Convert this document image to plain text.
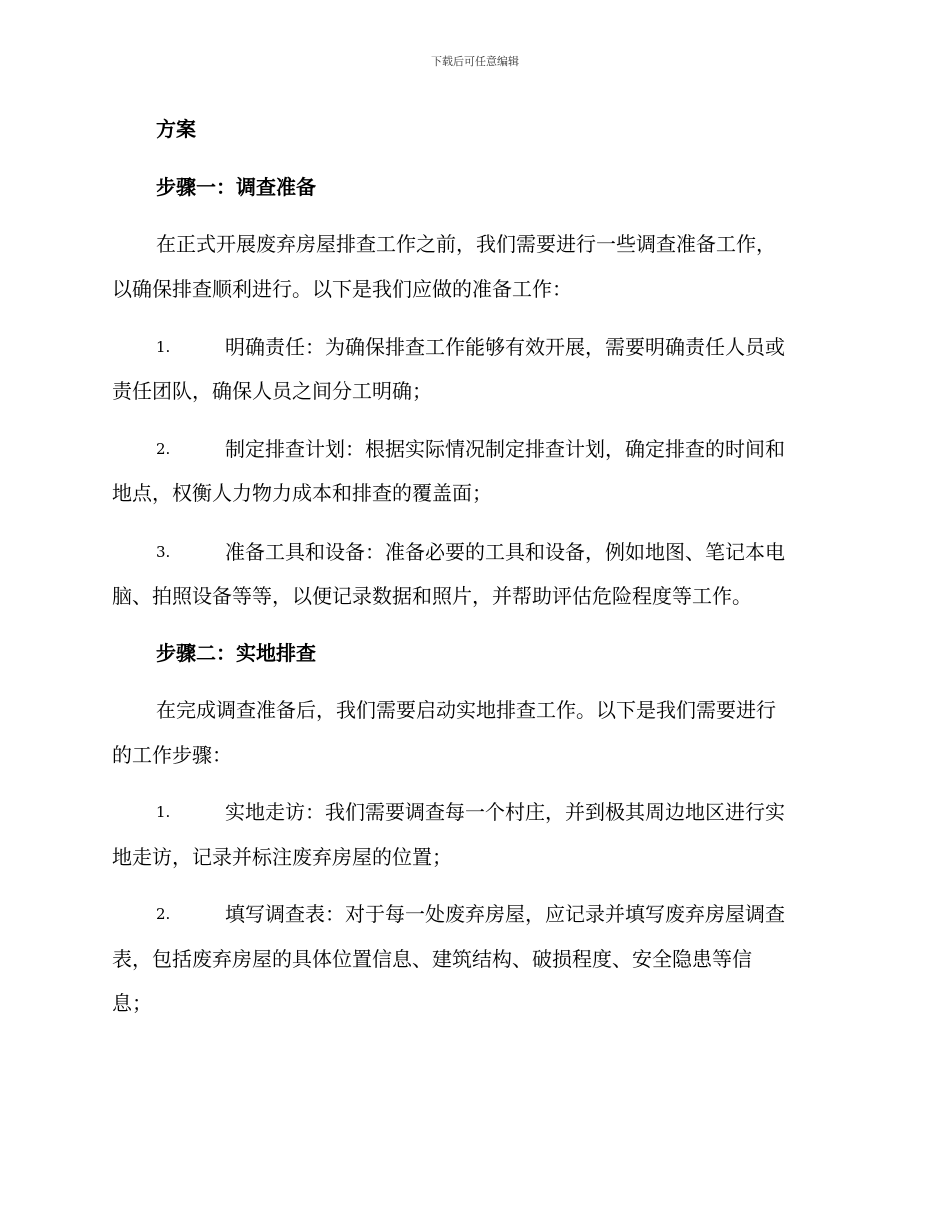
下载后可任意编辑
方案
步骤一：调查准备
在正式开展废弃房屋排查工作之前，我们需要进行一些调查准备工作，
以确保排查顺利进行。以下是我们应做的准备工作：
1.	明确责任：为确保排查工作能够有效开展，需要明确责任人员或
责任团队，确保人员之间分工明确；
2.	制定排查计划：根据实际情况制定排查计划，确定排查的时间和
地点，权衡人力物力成本和排查的覆盖面；
3.	准备工具和设备：准备必要的工具和设备，例如地图、笔记本电
脑、拍照设备等等，以便记录数据和照片，并帮助评估危险程度等工作。
步骤二：实地排查
在完成调查准备后，我们需要启动实地排查工作。以下是我们需要进行
的工作步骤：
1.	实地走访：我们需要调查每一个村庄，并到极其周边地区进行实
地走访，记录并标注废弃房屋的位置；
2.	填写调查表：对于每一处废弃房屋，应记录并填写废弃房屋调查
表，包括废弃房屋的具体位置信息、建筑结构、破损程度、安全隐患等信
息；
